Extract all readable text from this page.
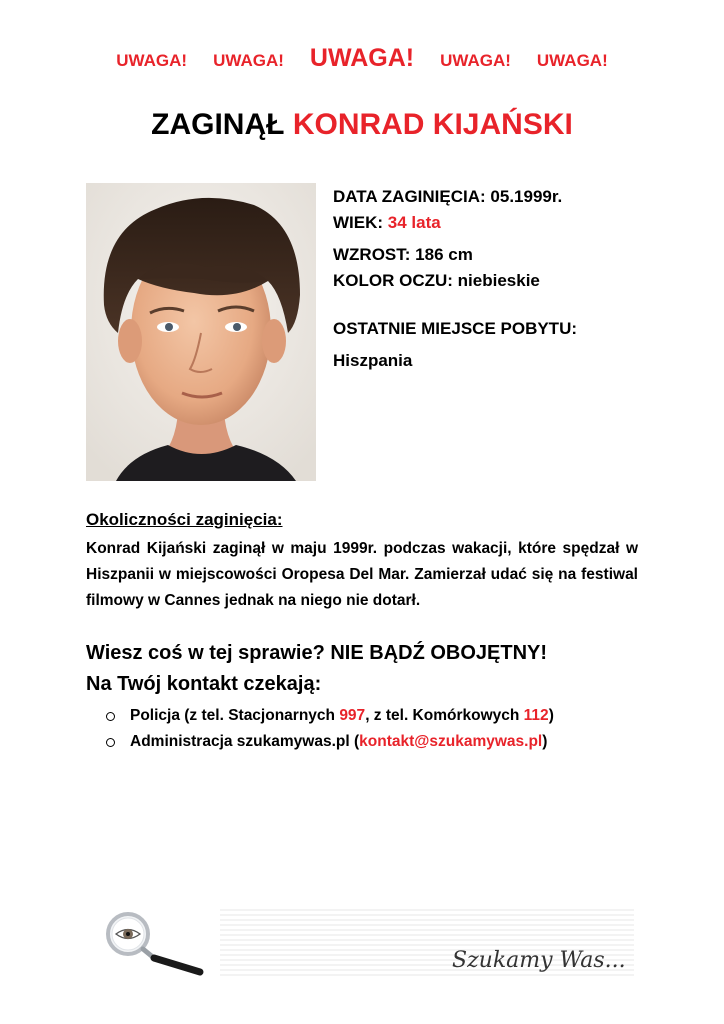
UWAGA! UWAGA! UWAGA! UWAGA! UWAGA!
ZAGINĄŁ KONRAD KIJAŃSKI
DATA ZAGINIĘCIA: 05.1999r.
WIEK: 34 lata
WZROST: 186 cm
KOLOR OCZU: niebieskie
OSTATNIE MIEJSCE POBYTU:
Hiszpania
Okoliczności zaginięcia:
Konrad Kijański zaginął w maju 1999r. podczas wakacji, które spędzał w Hiszpanii w miejscowości Oropesa Del Mar. Zamierzał udać się na festiwal filmowy w Cannes jednak na niego nie dotarł.
Wiesz coś w tej sprawie? NIE BĄDŹ OBOJĘTNY!
Na Twój kontakt czekają:
Policja (z tel. Stacjonarnych 997, z tel. Komórkowych 112)
Administracja szukamywas.pl (kontakt@szukamywas.pl)
Szukamy Was...
